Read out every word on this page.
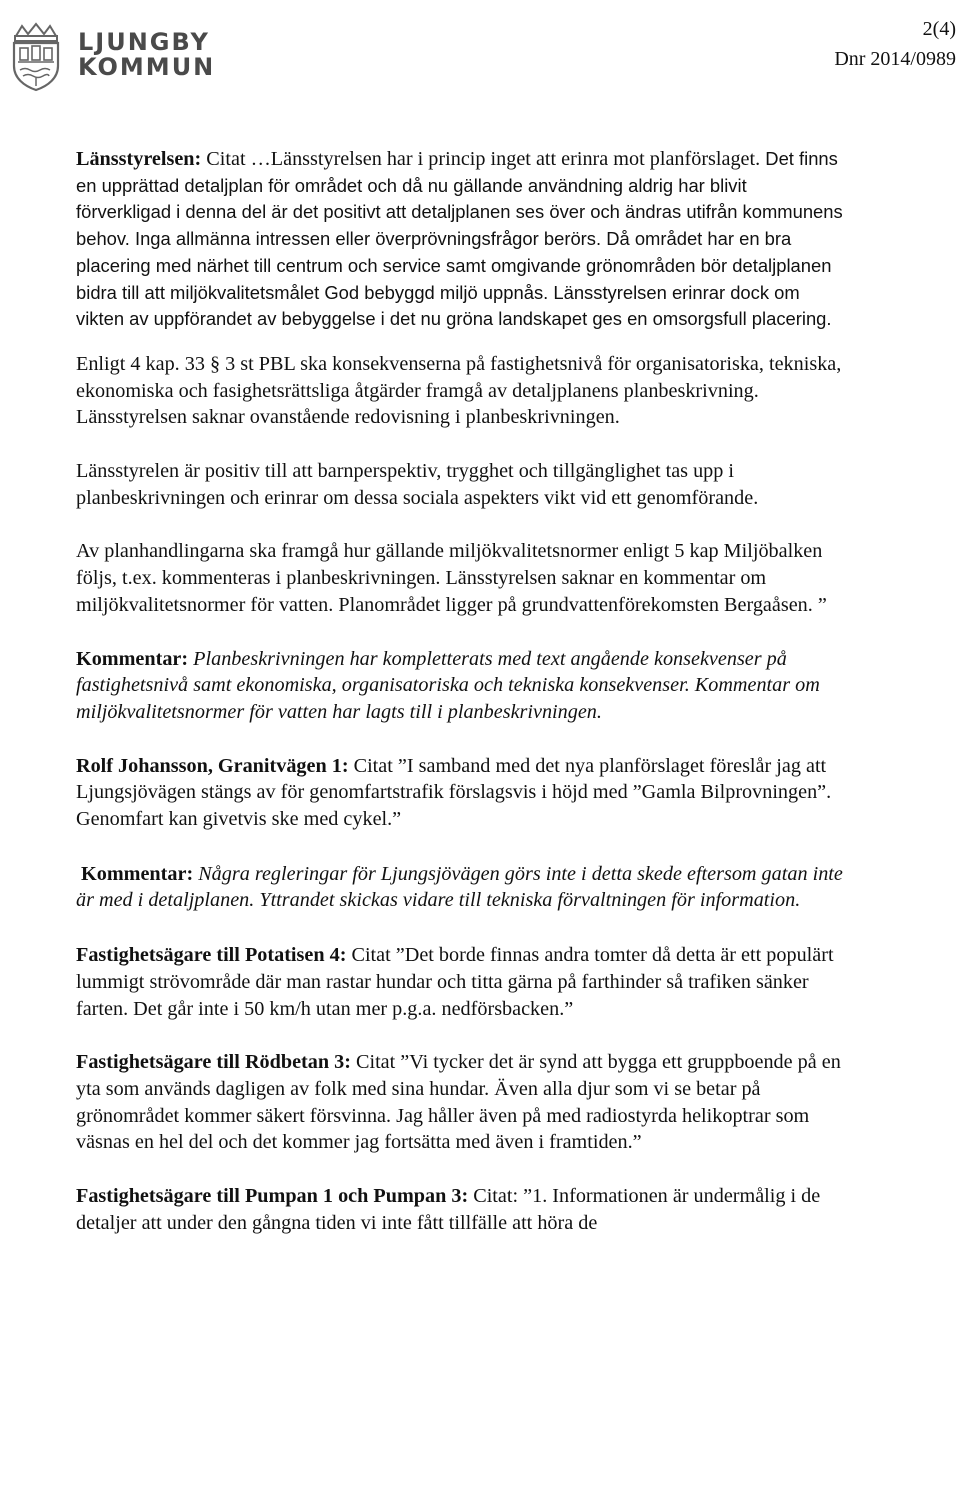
LJUNGBY
KOMMUN
2(4)
Dnr 2014/0989

Länsstyrelsen: Citat …Länsstyrelsen har i princip inget att erinra mot planförslaget. Det finns en upprättad detaljplan för området och då nu gällande användning aldrig har blivit förverkligad i denna del är det positivt att detaljplanen ses över och ändras utifrån kommunens behov. Inga allmänna intressen eller överprövningsfrågor berörs. Då området har en bra placering med närhet till centrum och service samt omgivande grönområden bör detaljplanen bidra till att miljökvalitetsmålet God bebyggd miljö uppnås. Länsstyrelsen erinrar dock om vikten av uppförandet av bebyggelse i det nu gröna landskapet ges en omsorgsfull placering.

Enligt 4 kap. 33 § 3 st PBL ska konsekvenserna på fastighetsnivå för organisatoriska, tekniska, ekonomiska och fasighetsrättsliga åtgärder framgå av detaljplanens planbeskrivning. Länsstyrelsen saknar ovanstående redovisning i planbeskrivningen.

Länsstyrelen är positiv till att barnperspektiv, trygghet och tillgänglighet tas upp i planbeskrivningen och erinrar om dessa sociala aspekters vikt vid ett genomförande.

Av planhandlingarna ska framgå hur gällande miljökvalitetsnormer enligt 5 kap Miljöbalken följs, t.ex. kommenteras i planbeskrivningen. Länsstyrelsen saknar en kommentar om miljökvalitetsnormer för vatten. Planområdet ligger på grundvattenförekomsten Bergaåsen. ”

Kommentar: Planbeskrivningen har kompletterats med text angående konsekvenser på fastighetsnivå samt ekonomiska, organisatoriska och tekniska konsekvenser. Kommentar om miljökvalitetsnormer för vatten har lagts till i planbeskrivningen.

Rolf Johansson, Granitvägen 1: Citat ”I samband med det nya planförslaget föreslår jag att Ljungsjövägen stängs av för genomfartstrafik förslagsvis i höjd med ”Gamla Bilprovningen”. Genomfart kan givetvis ske med cykel.”

Kommentar: Några regleringar för Ljungsjövägen görs inte i detta skede eftersom gatan inte är med i detaljplanen. Yttrandet skickas vidare till tekniska förvaltningen för information.

Fastighetsägare till Potatisen 4: Citat ”Det borde finnas andra tomter då detta är ett populärt lummigt strövområde där man rastar hundar och titta gärna på farthinder så trafiken sänker farten. Det går inte i 50 km/h utan mer p.g.a. nedförsbacken.”

Fastighetsägare till Rödbetan 3: Citat ”Vi tycker det är synd att bygga ett gruppboende på en yta som används dagligen av folk med sina hundar. Även alla djur som vi se betar på grönområdet kommer säkert försvinna. Jag håller även på med radiostyrda helikoptrar som väsnas en hel del och det kommer jag fortsätta med även i framtiden.”

Fastighetsägare till Pumpan 1 och Pumpan 3: Citat: ”1. Informationen är undermålig i de detaljer att under den gångna tiden vi inte fått tillfälle att höra de
